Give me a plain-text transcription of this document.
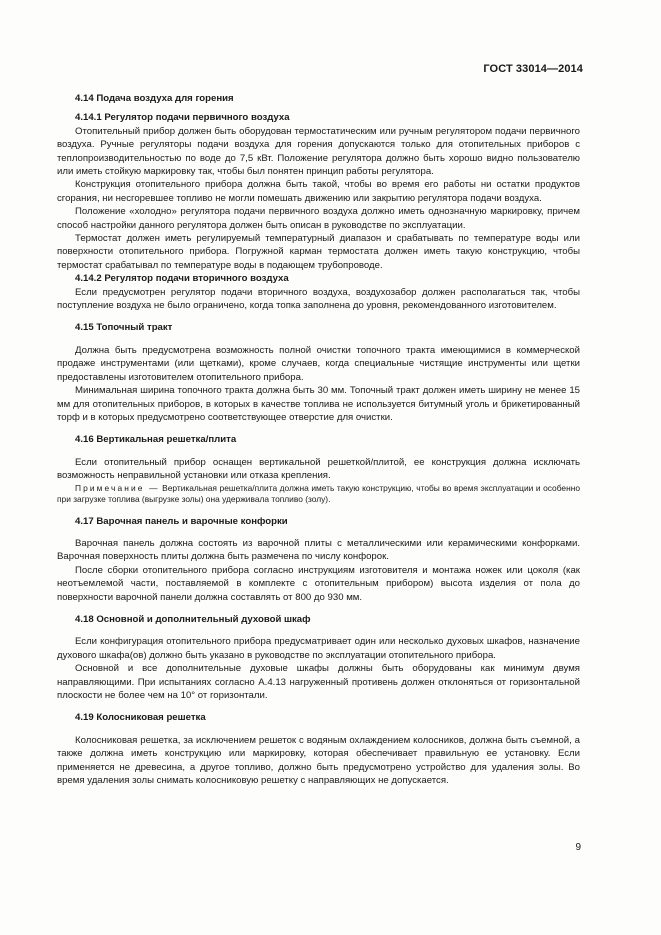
ГОСТ 33014—2014
4.14 Подача воздуха для горения
4.14.1 Регулятор подачи первичного воздуха

Отопительный прибор должен быть оборудован термостатическим или ручным регулятором подачи первичного воздуха. Ручные регуляторы подачи воздуха для горения допускаются только для отопительных приборов с теплопроизводительностью по воде до 7,5 кВт. Положение регулятора должно быть хорошо видно пользователю или иметь стойкую маркировку так, чтобы был понятен принцип работы регулятора.

Конструкция отопительного прибора должна быть такой, чтобы во время его работы ни остатки продуктов сгорания, ни несгоревшее топливо не могли помешать движению или закрытию регулятора подачи воздуха.

Положение «холодно» регулятора подачи первичного воздуха должно иметь однозначную маркировку, причем способ настройки данного регулятора должен быть описан в руководстве по эксплуатации.

Термостат должен иметь регулируемый температурный диапазон и срабатывать по температуре воды или поверхности отопительного прибора. Погружной карман термостата должен иметь такую конструкцию, чтобы термостат срабатывал по температуре воды в подающем трубопроводе.

4.14.2 Регулятор подачи вторичного воздуха

Если предусмотрен регулятор подачи вторичного воздуха, воздухозабор должен располагаться так, чтобы поступление воздуха не было ограничено, когда топка заполнена до уровня, рекомендованного изготовителем.

4.15 Топочный тракт

Должна быть предусмотрена возможность полной очистки топочного тракта имеющимися в коммерческой продаже инструментами (или щетками), кроме случаев, когда специальные чистящие инструменты или щетки предоставлены изготовителем отопительного прибора.

Минимальная ширина топочного тракта должна быть 30 мм. Топочный тракт должен иметь ширину не менее 15 мм для отопительных приборов, в которых в качестве топлива не используется битумный уголь и брикетированный торф и в которых предусмотрено соответствующее отверстие для очистки.

4.16 Вертикальная решетка/плита

Если отопительный прибор оснащен вертикальной решеткой/плитой, ее конструкция должна исключать возможность неправильной установки или отказа крепления.

Примечание — Вертикальная решетка/плита должна иметь такую конструкцию, чтобы во время эксплуатации и особенно при загрузке топлива (выгрузке золы) она удерживала топливо (золу).

4.17 Варочная панель и варочные конфорки

Варочная панель должна состоять из варочной плиты с металлическими или керамическими конфорками. Варочная поверхность плиты должна быть размечена по числу конфорок.

После сборки отопительного прибора согласно инструкциям изготовителя и монтажа ножек или цоколя (как неотъемлемой части, поставляемой в комплекте с отопительным прибором) высота изделия от пола до поверхности варочной панели должна составлять от 800 до 930 мм.

4.18 Основной и дополнительный духовой шкаф

Если конфигурация отопительного прибора предусматривает один или несколько духовых шкафов, назначение духового шкафа(ов) должно быть указано в руководстве по эксплуатации отопительного прибора.

Основной и все дополнительные духовые шкафы должны быть оборудованы как минимум двумя направляющими. При испытаниях согласно А.4.13 нагруженный противень должен отклоняться от горизонтальной плоскости не более чем на 10° от горизонтали.

4.19 Колосниковая решетка

Колосниковая решетка, за исключением решеток с водяным охлаждением колосников, должна быть съемной, а также должна иметь конструкцию или маркировку, которая обеспечивает правильную ее установку. Если применяется не древесина, а другое топливо, должно быть предусмотрено устройство для удаления золы. Во время удаления золы снимать колосниковую решетку с направляющих не допускается.

9
